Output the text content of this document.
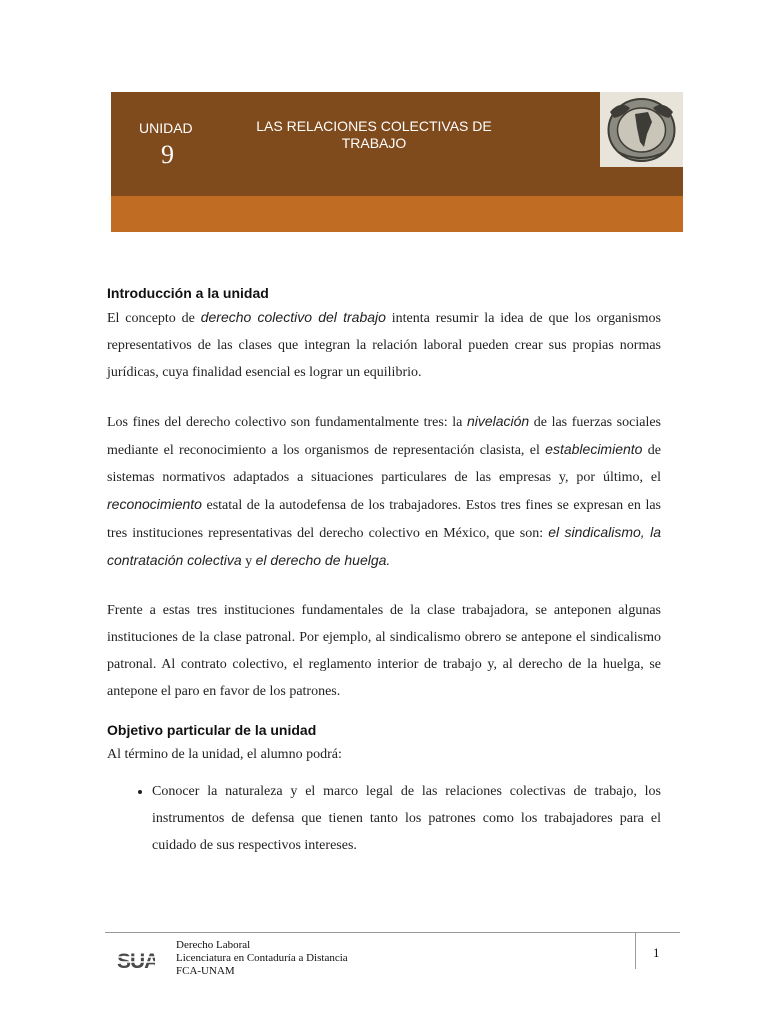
UNIDAD
9
LAS RELACIONES COLECTIVAS DE
TRABAJO
Introducción a la unidad

El concepto de derecho colectivo del trabajo intenta resumir la idea de que los organismos representativos de las clases que integran la relación laboral pueden crear sus propias normas jurídicas, cuya finalidad esencial es lograr un equilibrio.

Los fines del derecho colectivo son fundamentalmente tres: la nivelación de las fuerzas sociales mediante el reconocimiento a los organismos de representación clasista, el establecimiento de sistemas normativos adaptados a situaciones particulares de las empresas y, por último, el reconocimiento estatal de la autodefensa de los trabajadores. Estos tres fines se expresan en las tres instituciones representativas del derecho colectivo en México, que son: el sindicalismo, la contratación colectiva y el derecho de huelga.

Frente a estas tres instituciones fundamentales de la clase trabajadora, se anteponen algunas instituciones de la clase patronal. Por ejemplo, al sindicalismo obrero se antepone el sindicalismo patronal. Al contrato colectivo, el reglamento interior de trabajo y, al derecho de la huelga, se antepone el paro en favor de los patrones.

Objetivo particular de la unidad

Al término de la unidad, el alumno podrá:

• Conocer la naturaleza y el marco legal de las relaciones colectivas de trabajo, los instrumentos de defensa que tienen tanto los patrones como los trabajadores para el cuidado de sus respectivos intereses.
SUA
Derecho Laboral
Licenciatura en Contaduría a Distancia
FCA-UNAM
1
